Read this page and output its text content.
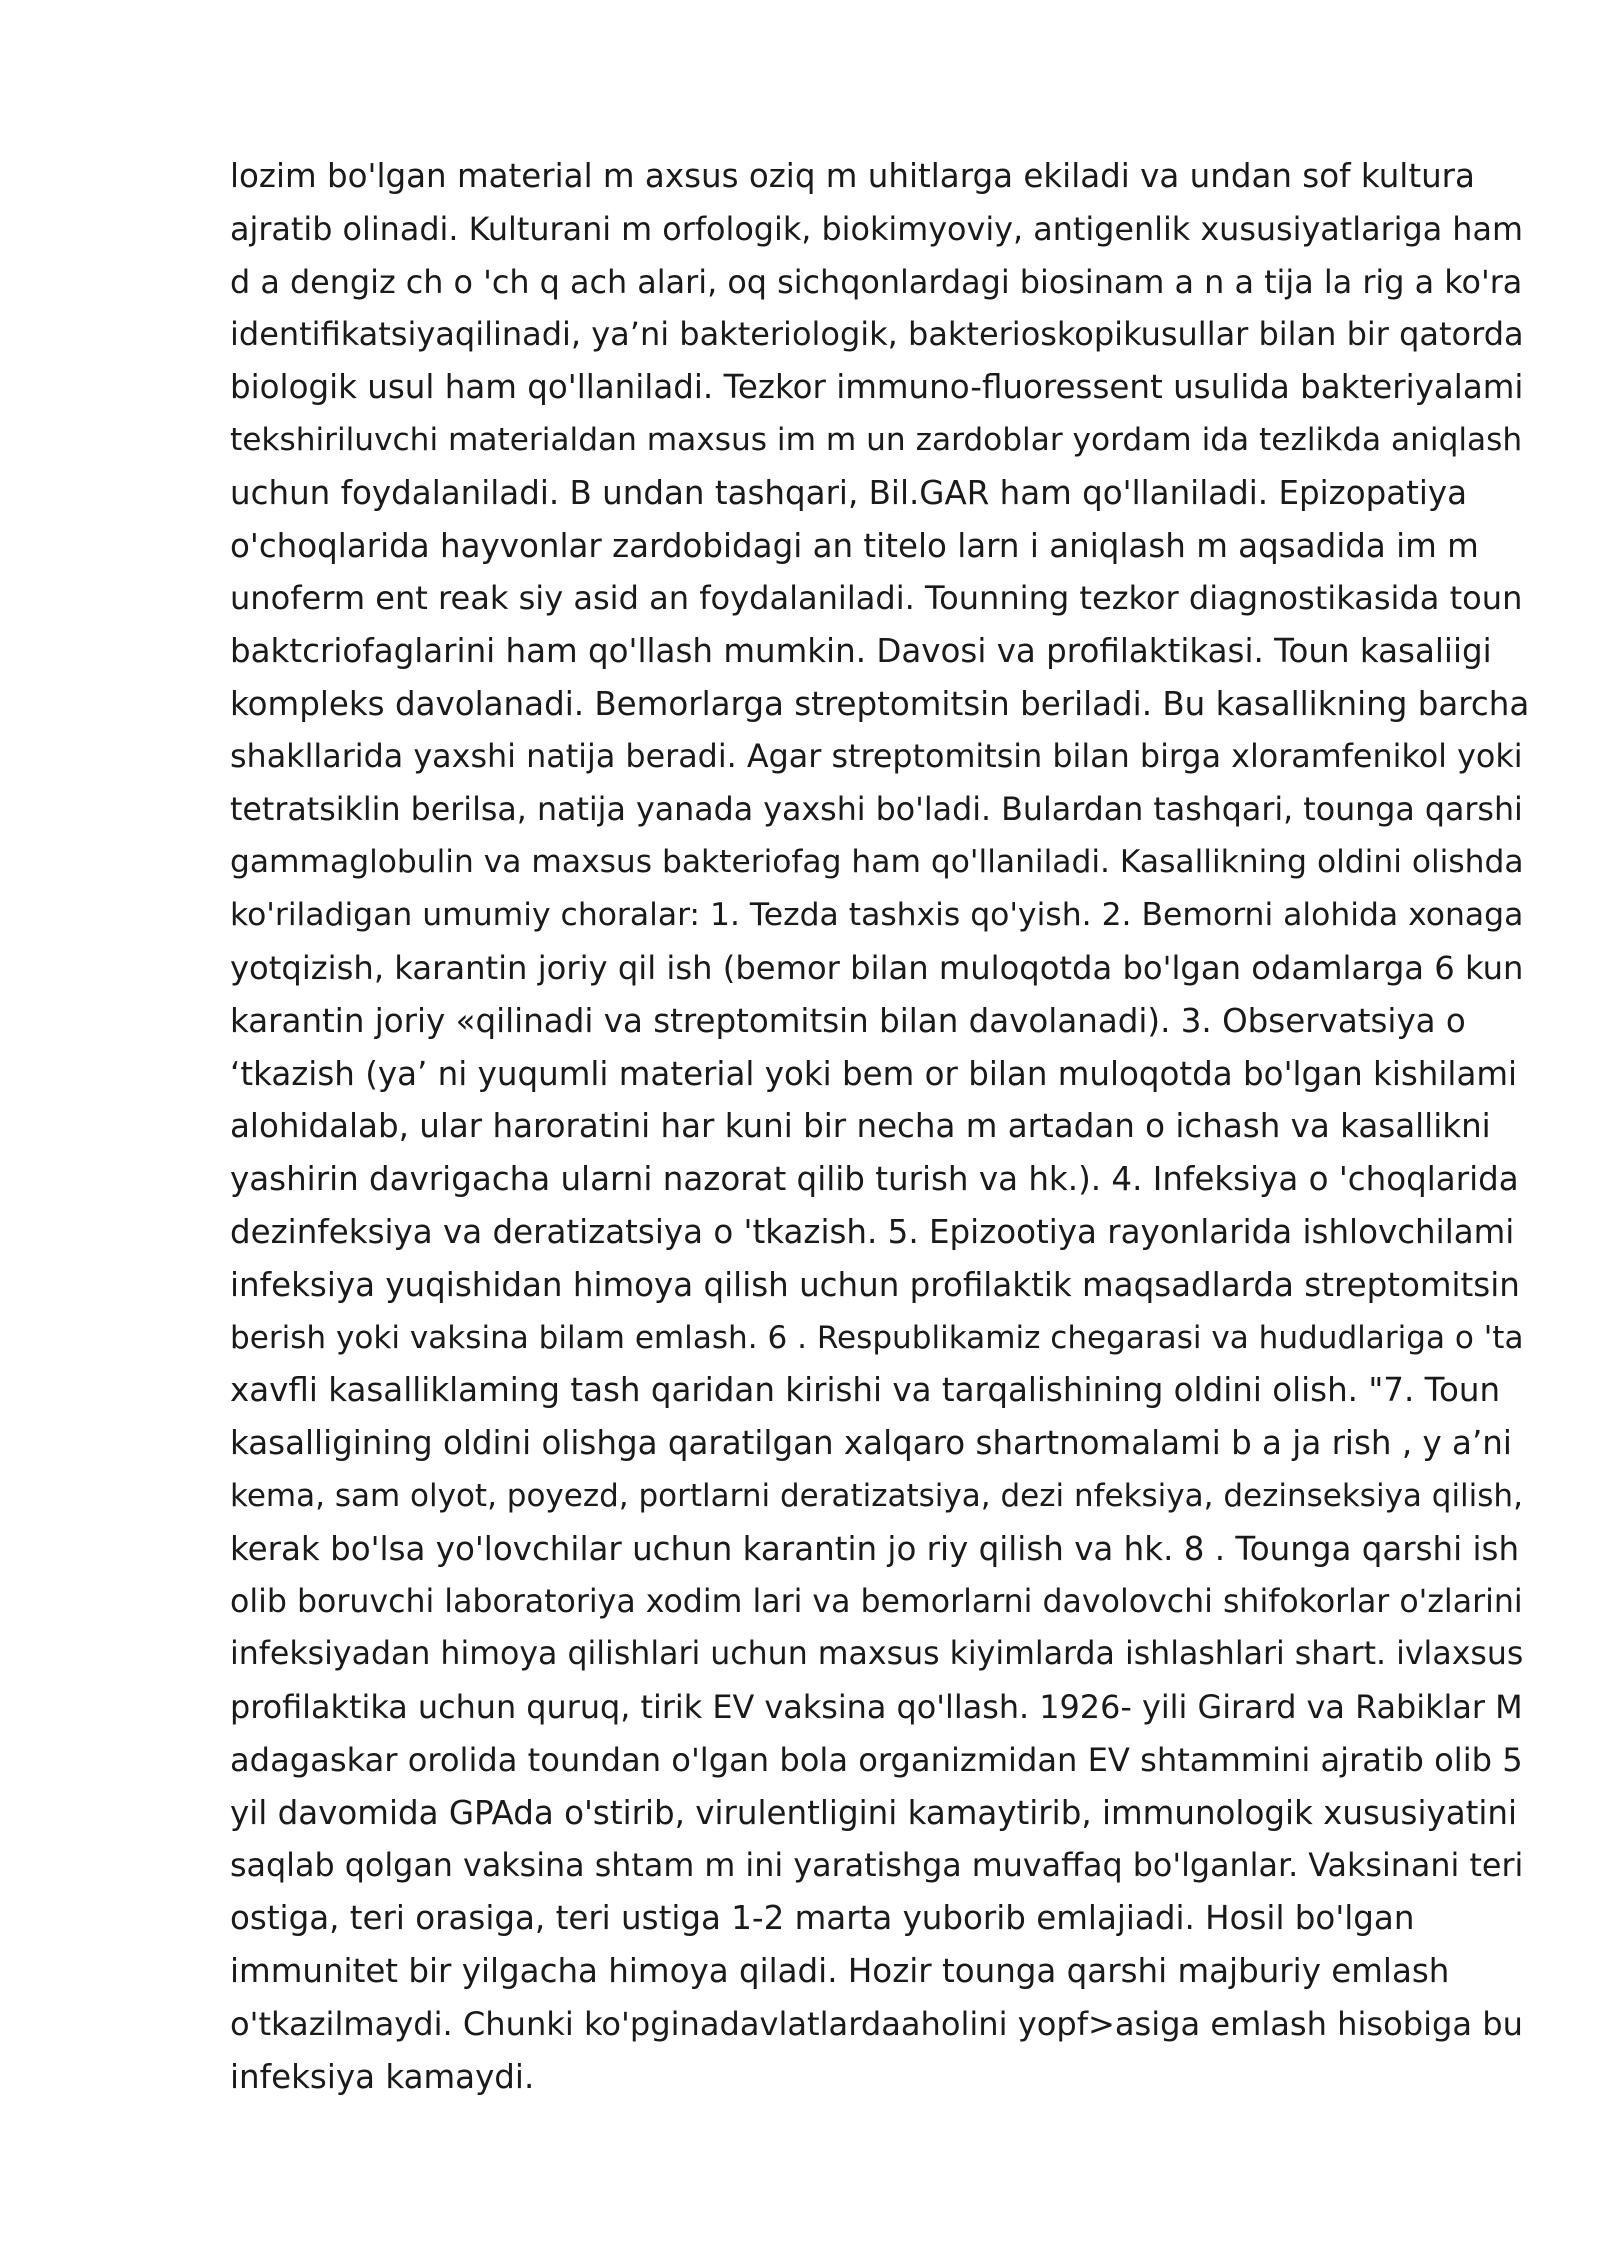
lozim bo'lgan material m axsus oziq m uhitlarga ekiladi va undan sof kultura
ajratib olinadi. Kulturani m orfologik, biokimyoviy, antigenlik xususiyatlariga ham
d a dengiz ch o 'ch q ach alari, oq sichqonlardagi biosinam a n a tija la rig a ko'ra
identifikatsiyaqilinadi, ya’ni bakteriologik, bakterioskopikusullar bilan bir qatorda
biologik usul ham qo'llaniladi. Tezkor immuno-fluoressent usulida bakteriyalami
tekshiriluvchi materialdan maxsus im m un zardoblar yordam ida tezlikda aniqlash
uchun foydalaniladi. B undan tashqari, Bil.GAR ham qo'llaniladi. Epizopatiya
o'choqlarida hayvonlar zardobidagi an titelo larn i aniqlash m aqsadida im m
unoferm ent reak siy asid an foydalaniladi. Tounning tezkor diagnostikasida toun
baktcriofaglarini ham qo'llash mumkin. Davosi va profilaktikasi. Toun kasaliigi
kompleks davolanadi. Bemorlarga streptomitsin beriladi. Bu kasallikning barcha
shakllarida yaxshi natija beradi. Agar streptomitsin bilan birga xloramfenikol yoki
tetratsiklin berilsa, natija yanada yaxshi bo'ladi. Bulardan tashqari, tounga qarshi
gammaglobulin va maxsus bakteriofag ham qo'llaniladi. Kasallikning oldini olishda
ko'riladigan umumiy choralar: 1. Tezda tashxis qo'yish. 2. Bemorni alohida xonaga
yotqizish, karantin joriy qil ish (bemor bilan muloqotda bo'lgan odamlarga 6 kun
karantin joriy «qilinadi va streptomitsin bilan davolanadi). 3. Observatsiya o
‘tkazish (ya’ ni yuqumli material yoki bem or bilan muloqotda bo'lgan kishilami
alohidalab, ular haroratini har kuni bir necha m artadan o ichash va kasallikni
yashirin davrigacha ularni nazorat qilib turish va hk.). 4. Infeksiya o 'choqlarida
dezinfeksiya va deratizatsiya o 'tkazish. 5. Epizootiya rayonlarida ishlovchilami
infeksiya yuqishidan himoya qilish uchun profilaktik maqsadlarda streptomitsin
berish yoki vaksina bilam emlash. 6 . Respublikamiz chegarasi va hududlariga o 'ta
xavfli kasalliklaming tash qaridan kirishi va tarqalishining oldini olish. "7. Toun
kasalligining oldini olishga qaratilgan xalqaro shartnomalami b a ja rish , y a’ni
kema, sam olyot, poyezd, portlarni deratizatsiya, dezi nfeksiya, dezinseksiya qilish,
kerak bo'lsa yo'lovchilar uchun karantin jo riy qilish va hk. 8 . Tounga qarshi ish
olib boruvchi laboratoriya xodim lari va bemorlarni davolovchi shifokorlar o'zlarini
infeksiyadan himoya qilishlari uchun maxsus kiyimlarda ishlashlari shart. ivlaxsus
profilaktika uchun quruq, tirik EV vaksina qo'llash. 1926- yili Girard va Rabiklar M
adagaskar orolida toundan o'lgan bola organizmidan EV shtammini ajratib olib 5
yil davomida GPAda o'stirib, virulentligini kamaytirib, immunologik xususiyatini
saqlab qolgan vaksina shtam m ini yaratishga muvaffaq bo'lganlar. Vaksinani teri
ostiga, teri orasiga, teri ustiga 1-2 marta yuborib emlajiadi. Hosil bo'lgan
immunitet bir yilgacha himoya qiladi. Hozir tounga qarshi majburiy emlash
o'tkazilmaydi. Chunki ko'pginadavlatlardaaholini yopf>asiga emlash hisobiga bu
infeksiya kamaydi.
